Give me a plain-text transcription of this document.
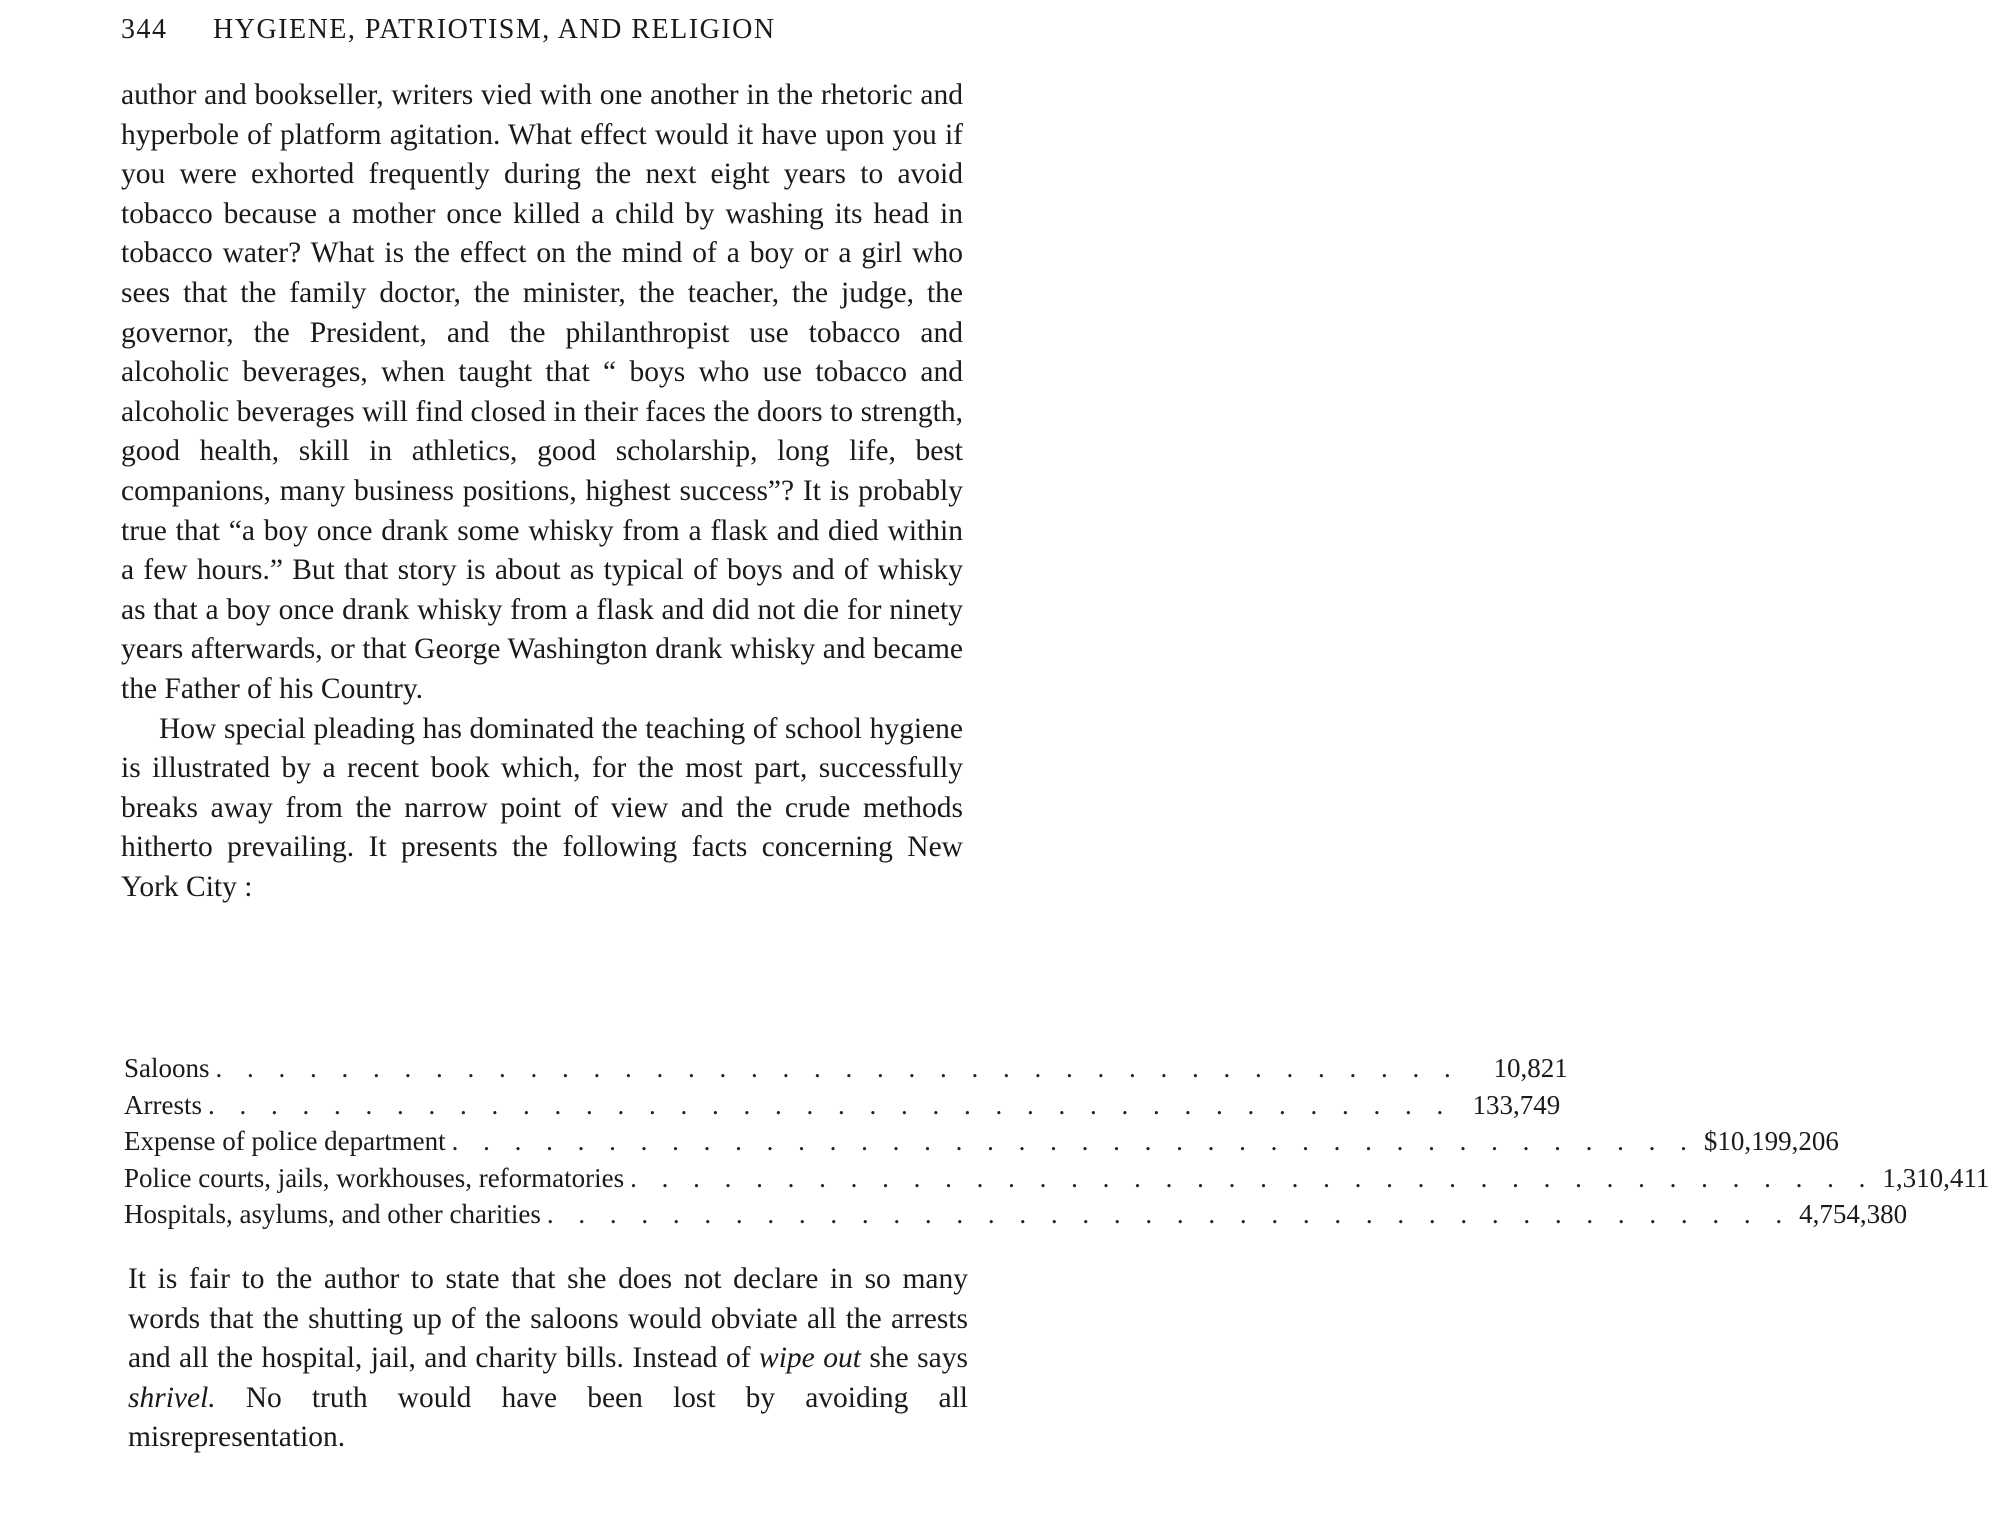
344 HYGIENE, PATRIOTISM, AND RELIGION

author and bookseller, writers vied with one another in the rhetoric and hyperbole of platform agitation. What effect would it have upon you if you were exhorted frequently during the next eight years to avoid tobacco because a mother once killed a child by washing its head in tobacco water? What is the effect on the mind of a boy or a girl who sees that the family doctor, the minister, the teacher, the judge, the governor, the President, and the philanthropist use tobacco and alcoholic beverages, when taught that “ boys who use tobacco and alcoholic beverages will find closed in their faces the doors to strength, good health, skill in athletics, good scholarship, long life, best companions, many business positions, highest success”? It is probably true that “a boy once drank some whisky from a flask and died within a few hours.” But that story is about as typical of boys and of whisky as that a boy once drank whisky from a flask and did not die for ninety years afterwards, or that George Washington drank whisky and became the Father of his Country.

How special pleading has dominated the teaching of school hygiene is illustrated by a recent book which, for the most part, successfully breaks away from the narrow point of view and the crude methods hitherto prevailing. It presents the following facts concerning New York City :

Saloons . . . . . . . . . . . . . . . . . . . . . . . . . . . . . . . . . . . . . . . .	10,821
Arrests . . . . . . . . . . . . . . . . . . . . . . . . . . . . . . . . . . . . . . . . 133,749
Expense of police department . . . . . . . . . . . . . . . . . . . . . . . . . . . . . . . . . . . . . . . . $10,199,206
Police courts, jails, workhouses, reformatories . . . . . . . . . . . . . . . . . . . . . . . . . . . . . . . . . . . . . . . . 1,310,411
Hospitals, asylums, and other charities . . . . . . . . . . . . . . . . . . . . . . . . . . . . . . . . . . . . . . . . 4,754,380

It is fair to the author to state that she does not declare in so many words that the shutting up of the saloons would obviate all the arrests and all the hospital, jail, and charity bills. Instead of wipe out she says shrivel. No truth would have been lost by avoiding all misrepresentation.
